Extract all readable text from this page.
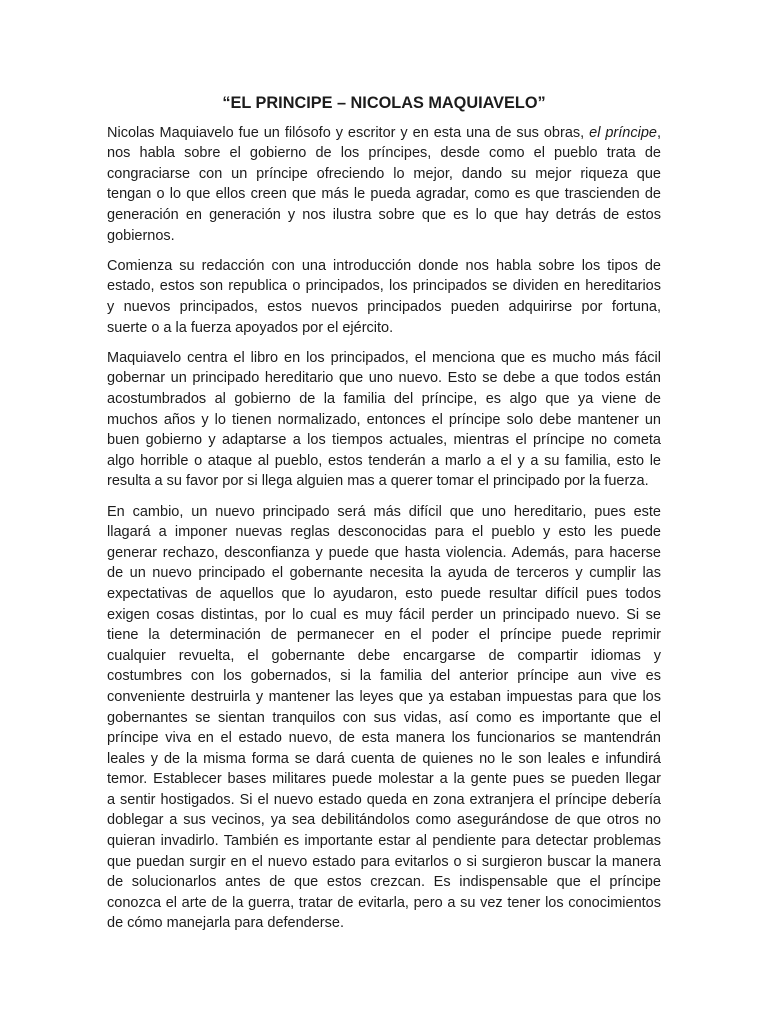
“EL PRINCIPE – NICOLAS MAQUIAVELO”
Nicolas Maquiavelo fue un filósofo y escritor y en esta una de sus obras, el príncipe,
nos habla sobre el gobierno de los príncipes, desde como el pueblo trata de
congraciarse con un príncipe ofreciendo lo mejor, dando su mejor riqueza que
tengan o lo que ellos creen que más le pueda agradar, como es que trascienden de
generación en generación y nos ilustra sobre que es lo que hay detrás de estos
gobiernos.
Comienza su redacción con una introducción donde nos habla sobre los tipos de
estado, estos son republica o principados, los principados se dividen en hereditarios
y nuevos principados, estos nuevos principados pueden adquirirse por fortuna,
suerte o a la fuerza apoyados por el ejército.
Maquiavelo centra el libro en los principados, el menciona que es mucho más fácil
gobernar un principado hereditario que uno nuevo. Esto se debe a que todos están
acostumbrados al gobierno de la familia del príncipe, es algo que ya viene de
muchos años y lo tienen normalizado, entonces el príncipe solo debe mantener un
buen gobierno y adaptarse a los tiempos actuales, mientras el príncipe no cometa
algo horrible o ataque al pueblo, estos tenderán a marlo a el y a su familia, esto le
resulta a su favor por si llega alguien mas a querer tomar el principado por la fuerza.
En cambio, un nuevo principado será más difícil que uno hereditario, pues este
llagará a imponer nuevas reglas desconocidas para el pueblo y esto les puede
generar rechazo, desconfianza y puede que hasta violencia. Además, para hacerse
de un nuevo principado el gobernante necesita la ayuda de terceros y cumplir las
expectativas de aquellos que lo ayudaron, esto puede resultar difícil pues todos
exigen cosas distintas, por lo cual es muy fácil perder un principado nuevo. Si se
tiene la determinación de permanecer en el poder el príncipe puede reprimir
cualquier revuelta, el gobernante debe encargarse de compartir idiomas y
costumbres con los gobernados, si la familia del anterior príncipe aun vive es
conveniente destruirla y mantener las leyes que ya estaban impuestas para que los
gobernantes se sientan tranquilos con sus vidas, así como es importante que el
príncipe viva en el estado nuevo, de esta manera los funcionarios se mantendrán
leales y de la misma forma se dará cuenta de quienes no le son leales e infundirá
temor. Establecer bases militares puede molestar a la gente pues se pueden llegar
a sentir hostigados. Si el nuevo estado queda en zona extranjera el príncipe debería
doblegar a sus vecinos, ya sea debilitándolos como asegurándose de que otros no
quieran invadirlo. También es importante estar al pendiente para detectar problemas
que puedan surgir en el nuevo estado para evitarlos o si surgieron buscar la manera
de solucionarlos antes de que estos crezcan. Es indispensable que el príncipe
conozca el arte de la guerra, tratar de evitarla, pero a su vez tener los conocimientos
de cómo manejarla para defenderse.
